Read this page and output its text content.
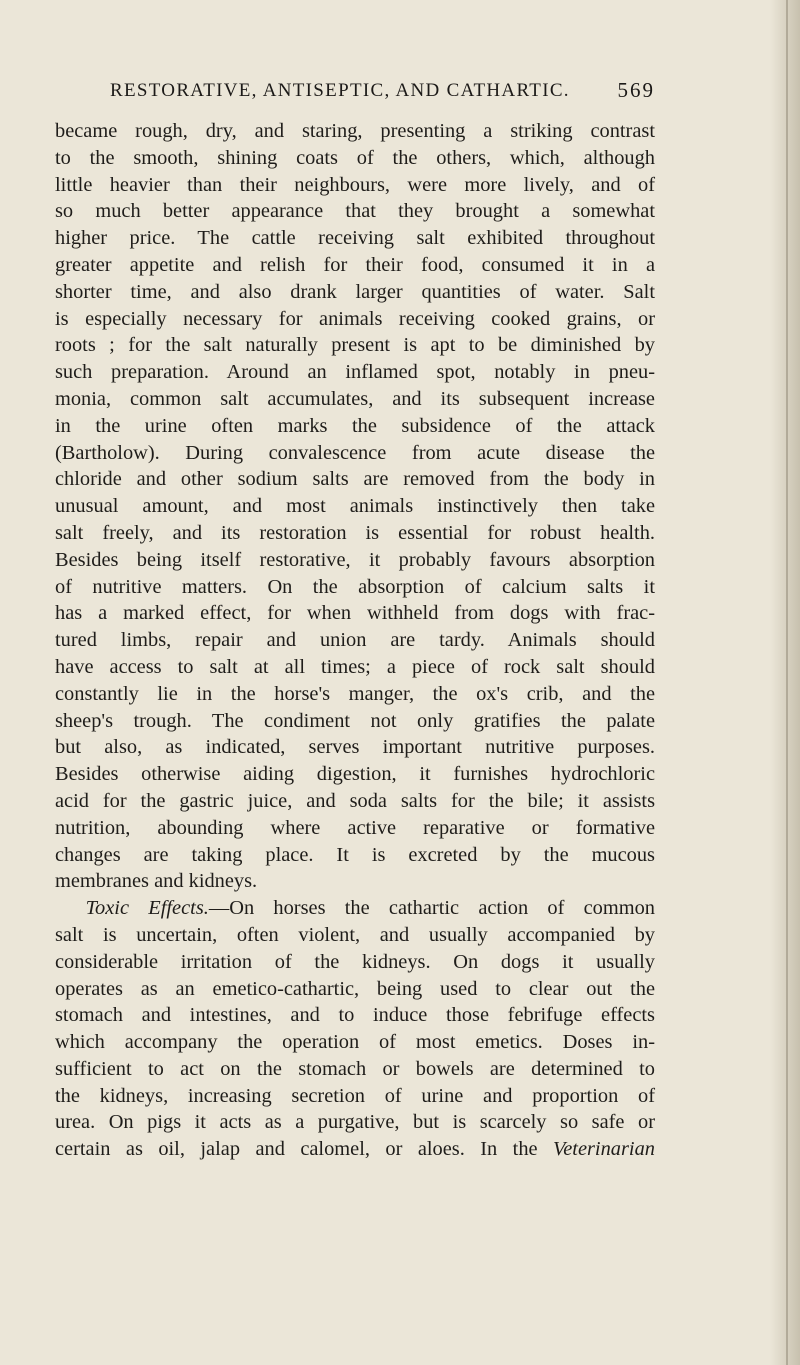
RESTORATIVE, ANTISEPTIC, AND CATHARTIC. 569
became rough, dry, and staring, presenting a striking contrast
to the smooth, shining coats of the others, which, although
little heavier than their neighbours, were more lively, and of
so much better appearance that they brought a somewhat
higher price. The cattle receiving salt exhibited throughout
greater appetite and relish for their food, consumed it in a
shorter time, and also drank larger quantities of water. Salt
is especially necessary for animals receiving cooked grains, or
roots ; for the salt naturally present is apt to be diminished by
such preparation. Around an inflamed spot, notably in pneu-
monia, common salt accumulates, and its subsequent increase
in the urine often marks the subsidence of the attack
(Bartholow). During convalescence from acute disease the
chloride and other sodium salts are removed from the body in
unusual amount, and most animals instinctively then take
salt freely, and its restoration is essential for robust health.
Besides being itself restorative, it probably favours absorption
of nutritive matters. On the absorption of calcium salts it
has a marked effect, for when withheld from dogs with frac-
tured limbs, repair and union are tardy. Animals should
have access to salt at all times; a piece of rock salt should
constantly lie in the horse's manger, the ox's crib, and the
sheep's trough. The condiment not only gratifies the palate
but also, as indicated, serves important nutritive purposes.
Besides otherwise aiding digestion, it furnishes hydrochloric
acid for the gastric juice, and soda salts for the bile; it assists
nutrition, abounding where active reparative or formative
changes are taking place. It is excreted by the mucous
membranes and kidneys.
Toxic Effects.—On horses the cathartic action of common
salt is uncertain, often violent, and usually accompanied by
considerable irritation of the kidneys. On dogs it usually
operates as an emetico-cathartic, being used to clear out the
stomach and intestines, and to induce those febrifuge effects
which accompany the operation of most emetics. Doses in-
sufficient to act on the stomach or bowels are determined to
the kidneys, increasing secretion of urine and proportion of
urea. On pigs it acts as a purgative, but is scarcely so safe or
certain as oil, jalap and calomel, or aloes. In the Veterinarian
